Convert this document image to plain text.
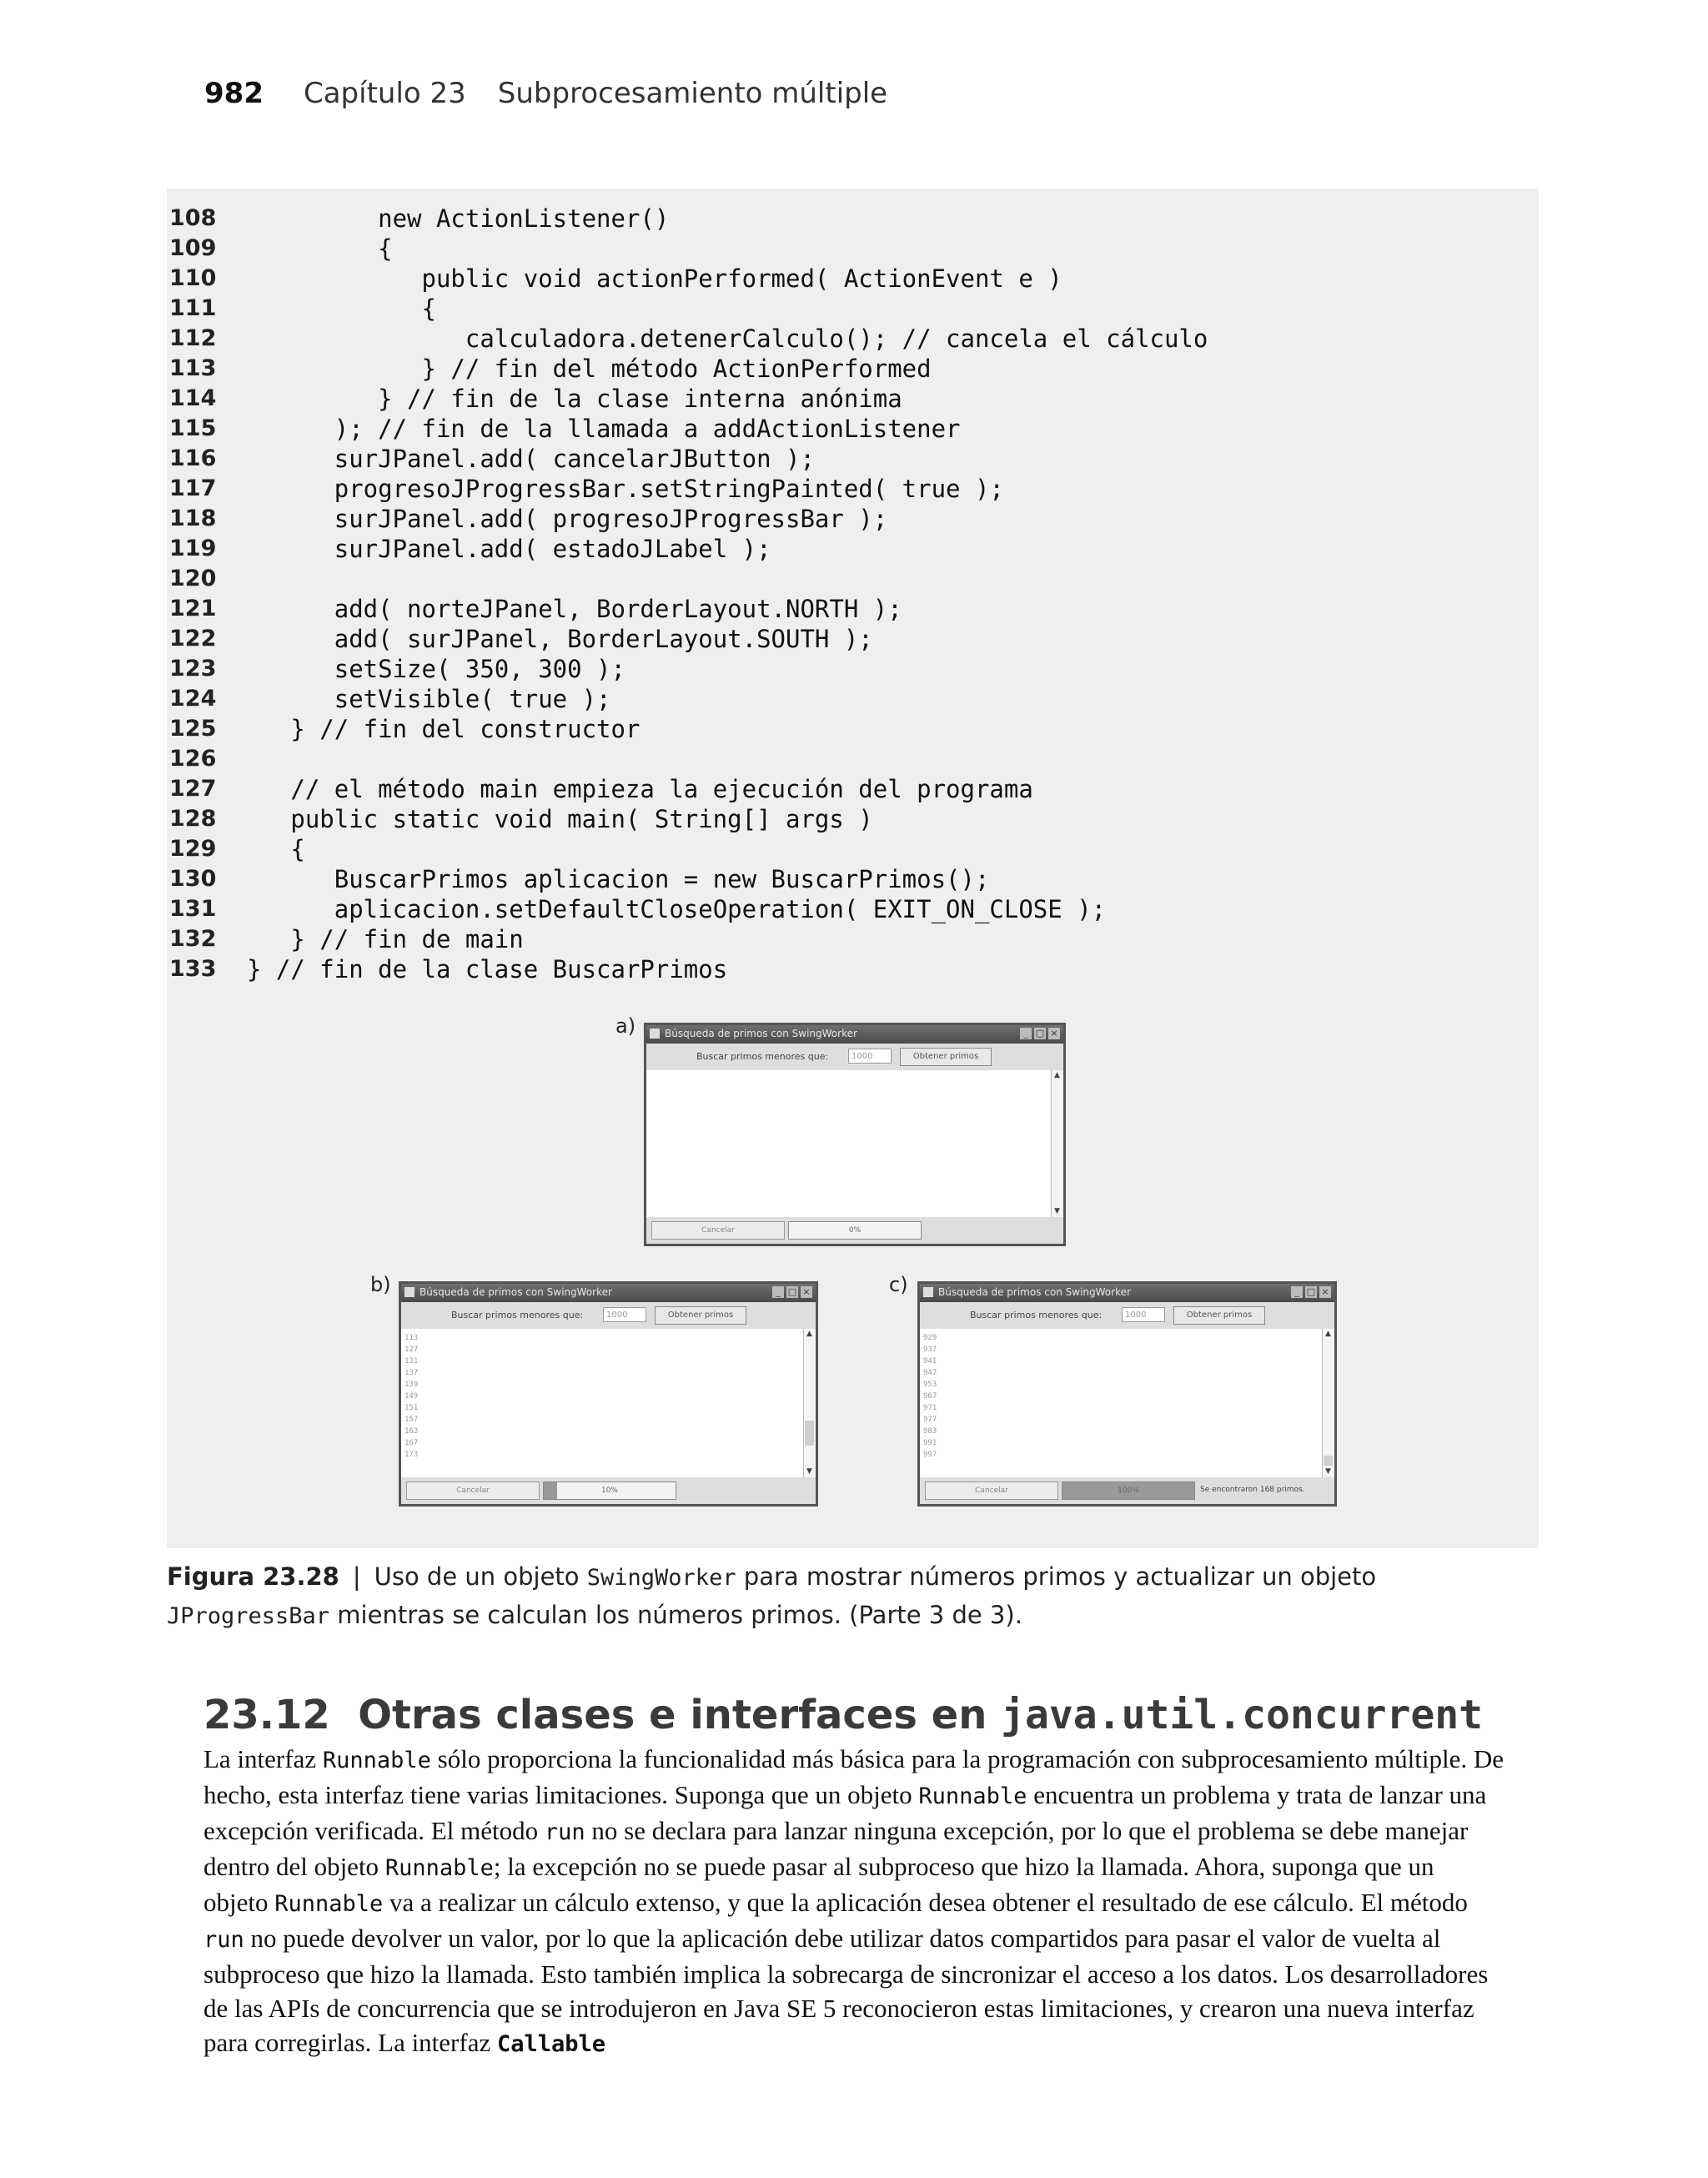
982 Capítulo 23 Subprocesamiento múltiple
108	new ActionListener()
109	{
110	public void actionPerformed( ActionEvent e )
111	{
112	calculadora.detenerCalculo(); // cancela el cálculo
113	} // fin del método ActionPerformed
114	} // fin de la clase interna anónima
115	); // fin de la llamada a addActionListener
116	surJPanel.add( cancelarJButton );
117	progresoJProgressBar.setStringPainted( true );
118	surJPanel.add( progresoJProgressBar );
119	surJPanel.add( estadoJLabel );
120
121	add( norteJPanel, BorderLayout.NORTH );
122	add( surJPanel, BorderLayout.SOUTH );
123	setSize( 350, 300 );
124	setVisible( true );
125	} // fin del constructor
126
127	// el método main empieza la ejecución del programa
128	public static void main( String[] args )
129	{
130	BuscarPrimos aplicacion = new BuscarPrimos();
131	aplicacion.setDefaultCloseOperation( EXIT_ON_CLOSE );
132	} // fin de main
133	} // fin de la clase BuscarPrimos
a)
b)	c)
Búsqueda de primos con SwingWorker	_ □ ×
Buscar primos menores que:	1000	Obtener primos
▲
▼
Cancelar	0%
Búsqueda de primos con SwingWorker	_ □ ×
Buscar primos menores que:	1000	Obtener primos
113
127
131
137
139
149
151
157
163
167
173
▲
▼
Cancelar	10%
Búsqueda de primos con SwingWorker	_ □ ×
Buscar primos menores que:	1000	Obtener primos
929
937
941
947
953
967
971
977
983
991
997
▲
▼
Cancelar	100%	Se encontraron 168 primos.
Figura 23.28 | Uso de un objeto SwingWorker para mostrar números primos y actualizar un objeto JProgressBar mientras se calculan los números primos. (Parte 3 de 3).
23.12 Otras clases e interfaces en java.util.concurrent
La interfaz Runnable sólo proporciona la funcionalidad más básica para la programación con subprocesamiento múltiple. De hecho, esta interfaz tiene varias limitaciones. Suponga que un objeto Runnable encuentra un problema y trata de lanzar una excepción verificada. El método run no se declara para lanzar ninguna excepción, por lo que el problema se debe manejar dentro del objeto Runnable; la excepción no se puede pasar al subproceso que hizo la llamada. Ahora, suponga que un objeto Runnable va a realizar un cálculo extenso, y que la aplicación desea obtener el resultado de ese cálculo. El método run no puede devolver un valor, por lo que la aplicación debe utilizar datos compartidos para pasar el valor de vuelta al subproceso que hizo la llamada. Esto también implica la sobrecarga de sincronizar el acceso a los datos. Los desarrolladores de las APIs de concurrencia que se introdujeron en Java SE 5 reconocieron estas limitaciones, y crearon una nueva interfaz para corregirlas. La interfaz Callable
